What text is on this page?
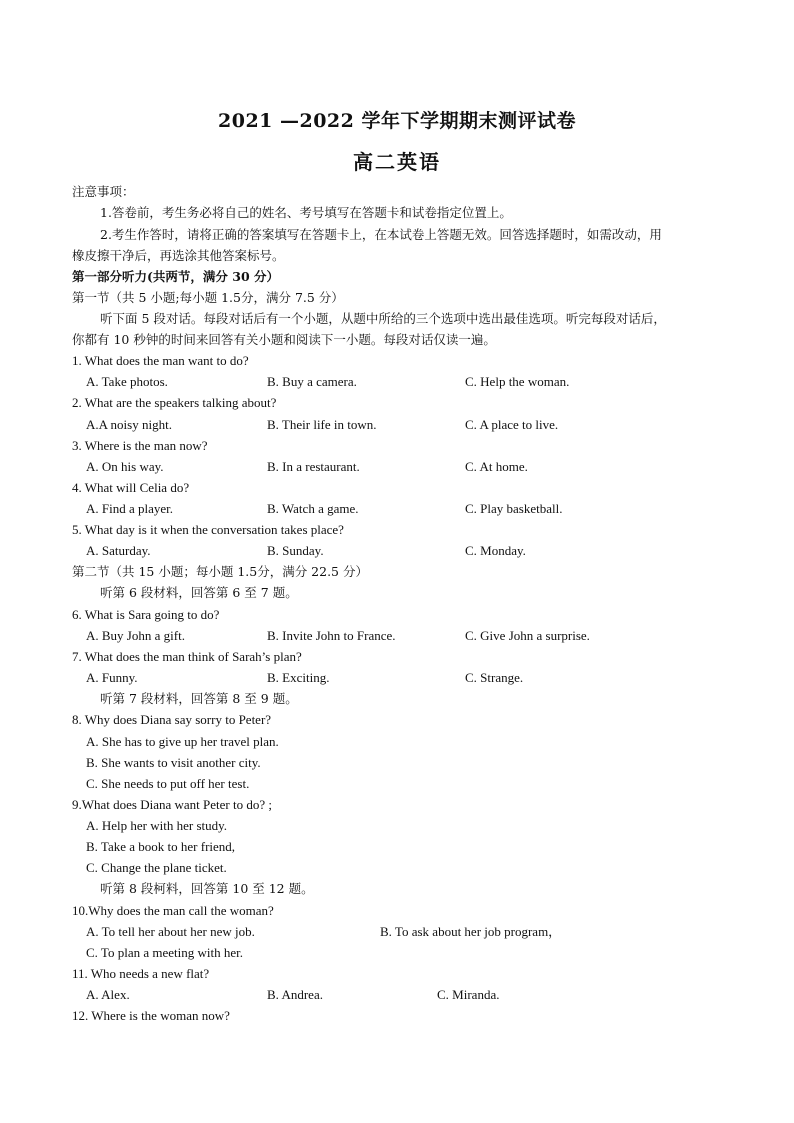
2021 —2022 学年下学期期末测评试卷
高二英语
注意事项：
1.答卷前，考生务必将自己的姓名、考号填写在答题卡和试卷指定位置上。
2.考生作答时，请将正确的答案填写在答题卡上，在本试卷上答题无效。回答选择题时，如需改动，用
橡皮擦干净后，再选涂其他答案标号。
第一部分听力(共两节，满分 30 分）
第一节（共 5 小题;每小题 1.5分，满分 7.5 分）
听下面 5 段对话。每段对话后有一个小题，从题中所给的三个选项中选出最佳选项。听完每段对话后，
你都有 10 秒钟的时间来回答有关小题和阅读下一小题。每段对话仅读一遍。
1. What does the man want to do?
A. Take photos.	B. Buy a camera.	C. Help the woman.
2. What are the speakers talking about?
A.A noisy night.	B. Their life in town.	C. A place to live.
3. Where is the man now?
A. On his way.	B. In a restaurant.	C. At home.
4. What will Celia do?
A. Find a player.	B. Watch a game.	C. Play basketball.
5. What day is it when the conversation takes place?
A. Saturday.	B. Sunday.	C. Monday.
第二节（共 15 小题；每小题 1.5分，满分 22.5 分）
听第 6 段材料，回答第 6 至 7 题。
6. What is Sara going to do?
A. Buy John a gift.	B. Invite John to France.	C. Give John a surprise.
7. What does the man think of Sarah’s plan?
A. Funny.	B. Exciting.	C. Strange.
听第 7 段材料，回答第 8 至 9 题。
8. Why does Diana say sorry to Peter?
A. She has to give up her travel plan.
B. She wants to visit another city.
C. She needs to put off her test.
9.What does Diana want Peter to do? ;
A. Help her with her study.
B. Take a book to her friend,
C. Change the plane ticket.
听第 8 段柯料，回答第 10 至 12 题。
10.Why does the man call the woman?
A. To tell her about her new job.	B. To ask about her job program，
C. To plan a meeting with her.
11. Who needs a new flat?
A. Alex.	B. Andrea.	C. Miranda.
12. Where is the woman now?
